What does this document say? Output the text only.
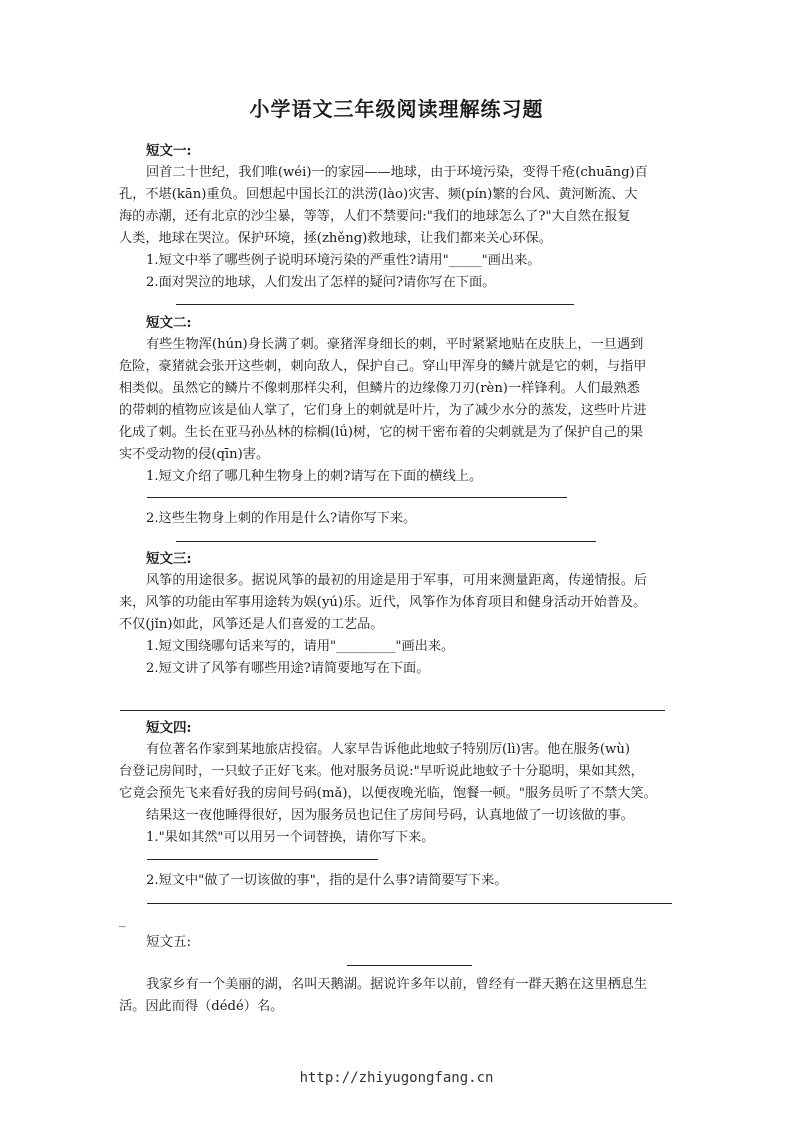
小学语文三年级阅读理解练习题
短文一:
回首二十世纪，我们唯(wéi)一的家园——地球，由于环境污染，变得千疮(chuāng)百
孔，不堪(kān)重负。回想起中国长江的洪涝(lào)灾害、频(pín)繁的台风、黄河断流、大
海的赤潮，还有北京的沙尘暴，等等，人们不禁要问:"我们的地球怎么了?"大自然在报复
人类，地球在哭泣。保护环境，拯(zhěng)救地球，让我们都来关心环保。
1.短文中举了哪些例子说明环境污染的严重性?请用"_____"画出来。
2.面对哭泣的地球，人们发出了怎样的疑问?请你写在下面。
短文二:
有些生物浑(hún)身长满了刺。豪猪浑身细长的刺，平时紧紧地贴在皮肤上，一旦遇到
危险，豪猪就会张开这些刺，刺向敌人，保护自己。穿山甲浑身的鳞片就是它的刺，与指甲
相类似。虽然它的鳞片不像刺那样尖利，但鳞片的边缘像刀刃(rèn)一样锋利。人们最熟悉
的带刺的植物应该是仙人掌了，它们身上的刺就是叶片，为了减少水分的蒸发，这些叶片进
化成了刺。生长在亚马孙丛林的棕榈(lǘ)树，它的树干密布着的尖刺就是为了保护自己的果
实不受动物的侵(qīn)害。
1.短文介绍了哪几种生物身上的刺?请写在下面的横线上。
2.这些生物身上刺的作用是什么?请你写下来。
短文三:
风筝的用途很多。据说风筝的最初的用途是用于军事，可用来测量距离，传递情报。后
来，风筝的功能由军事用途转为娱(yú)乐。近代，风筝作为体育项目和健身活动开始普及。
不仅(jǐn)如此，风筝还是人们喜爱的工艺品。
1.短文围绕哪句话来写的，请用"_________"画出来。
2.短文讲了风筝有哪些用途?请简要地写在下面。
短文四:
有位著名作家到某地旅店投宿。人家早告诉他此地蚊子特别厉(lì)害。他在服务(wù)
台登记房间时，一只蚊子正好飞来。他对服务员说:"早听说此地蚊子十分聪明，果如其然，
它竟会预先飞来看好我的房间号码(mǎ)，以便夜晚光临，饱餐一顿。"服务员听了不禁大笑。
结果这一夜他睡得很好，因为服务员也记住了房间号码，认真地做了一切该做的事。
1."果如其然"可以用另一个词替换，请你写下来。
2.短文中"做了一切该做的事"，指的是什么事?请简要写下来。
_
短文五:
我家乡有一个美丽的湖，名叫天鹅湖。据说许多年以前，曾经有一群天鹅在这里栖息生
活。因此而得（dédé）名。
http://zhiyugongfang.cn
